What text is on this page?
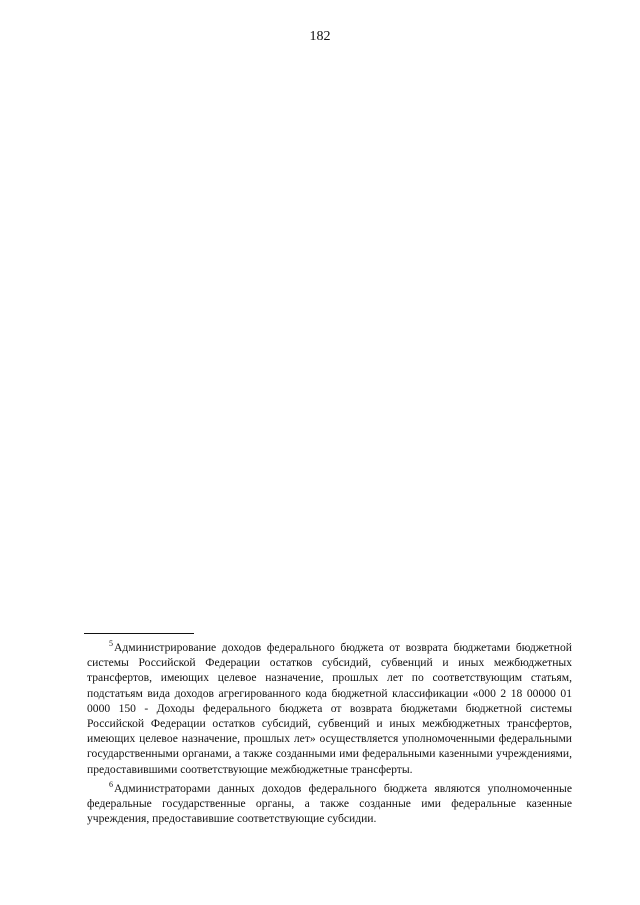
182

$^5$Администрирование доходов федерального бюджета от возврата бюджетами бюджетной системы Российской Федерации остатков субсидий, субвенций и иных межбюджетных трансфертов, имеющих целевое назначение, прошлых лет по соответствующим статьям, подстатьям вида доходов агрегированного кода бюджетной классификации «000 2 18 00000 01 0000 150 - Доходы федерального бюджета от возврата бюджетами бюджетной системы Российской Федерации остатков субсидий, субвенций и иных межбюджетных трансфертов, имеющих целевое назначение, прошлых лет» осуществляется уполномоченными федеральными государственными органами, а также созданными ими федеральными казенными учреждениями, предоставившими соответствующие межбюджетные трансферты.

$^6$Администраторами данных доходов федерального бюджета являются уполномоченные федеральные государственные органы, а также созданные ими федеральные казенные учреждения, предоставившие соответствующие субсидии.
